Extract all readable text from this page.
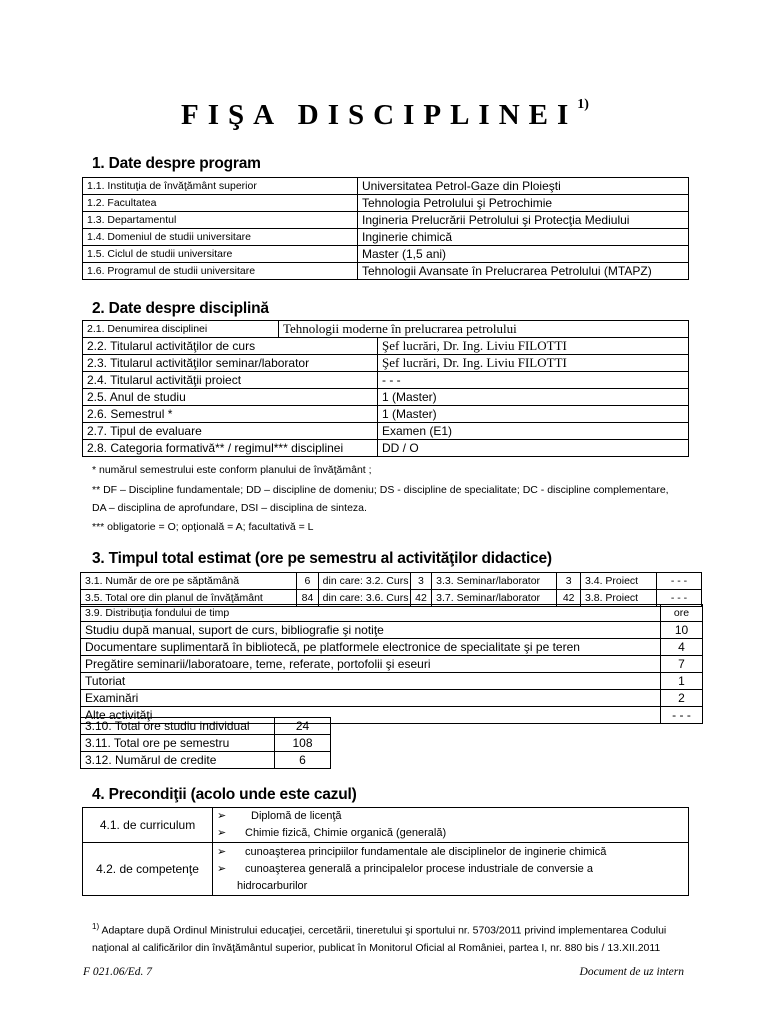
FIŞA DISCIPLINEI$^{1)}$
1. Date despre program
1.1. Instituţia de învăţământ superior	Universitatea Petrol-Gaze din Ploieşti
1.2. Facultatea	Tehnologia Petrolului şi Petrochimie
1.3. Departamentul	Ingineria Prelucrării Petrolului şi Protecţia Mediului
1.4. Domeniul de studii universitare	Inginerie chimică
1.5. Ciclul de studii universitare	Master (1,5 ani)
1.6. Programul de studii universitare	Tehnologii Avansate în Prelucrarea Petrolului (MTAPZ)
2. Date despre disciplină
2.1. Denumirea disciplinei	Tehnologii moderne în prelucrarea petrolului
2.2. Titularul activităţilor de curs	Şef lucrări, Dr. Ing. Liviu FILOTTI
2.3. Titularul activităţilor seminar/laborator	Şef lucrări, Dr. Ing. Liviu FILOTTI
2.4. Titularul activităţii proiect	- - -
2.5. Anul de studiu	1 (Master)
2.6. Semestrul *	1 (Master)
2.7. Tipul de evaluare	Examen (E1)
2.8. Categoria formativă** / regimul*** disciplinei	DD / O
* numărul semestrului este conform planului de învăţământ ;
** DF – Discipline fundamentale; DD – discipline de domeniu; DS - discipline de specialitate; DC - discipline complementare,
DA – disciplina de aprofundare, DSI – disciplina de sinteza.
*** obligatorie = O; opţională = A; facultativă = L
3. Timpul total estimat (ore pe semestru al activităţilor didactice)
3.1. Număr de ore pe săptămână	6	din care: 3.2. Curs	3	3.3. Seminar/laborator	3	3.4. Proiect	- - -
3.5. Total ore din planul de învăţământ	84	din care: 3.6. Curs	42	3.7. Seminar/laborator	42	3.8. Proiect	- - -
3.9. Distribuţia fondului de timp	ore
Studiu după manual, suport de curs, bibliografie şi notiţe	10
Documentare suplimentară în bibliotecă, pe platformele electronice de specialitate şi pe teren	4
Pregătire seminarii/laboratoare, teme, referate, portofolii şi eseuri	7
Tutoriat	1
Examinări	2
Alte activităţi	- - -
3.10. Total ore studiu individual	24
3.11. Total ore pe semestru	108
3.12. Numărul de credite	6
4. Precondiţii (acolo unde este cazul)
4.1. de curriculum	➢ Diplomă de licenţă
➢ Chimie fizică, Chimie organică (generală)

4.2. de competenţe	➢ cunoaşterea principiilor fundamentale ale disciplinelor de inginerie chimică
➢ cunoaşterea generală a principalelor procese industriale de conversie a
hidrocarburilor
$^{1)}$ Adaptare după Ordinul Ministrului educaţiei, cercetării, tineretului şi sportului nr. 5703/2011 privind implementarea Codului
naţional al calificărilor din învăţământul superior, publicat în Monitorul Oficial al României, partea I, nr. 880 bis / 13.XII.2011
F 021.06/Ed. 7	Document de uz intern
